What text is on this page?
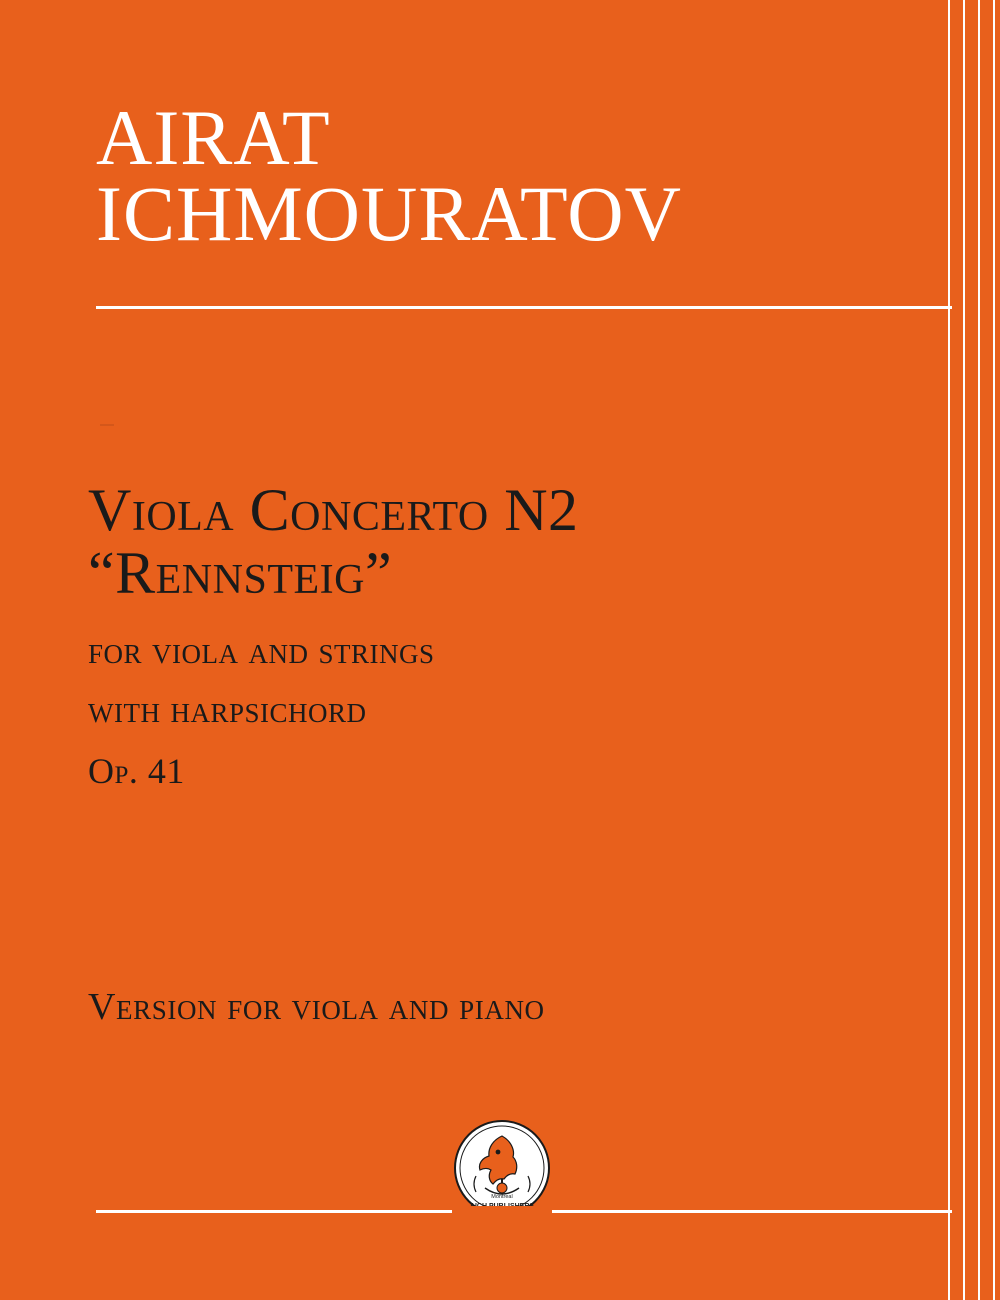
AIRAT
ICHMOURATOV
Viola Concerto N2
“Rennsteig”
for viola and strings
with harpsichord
Op. 41
Version for viola and piano
Montreal
